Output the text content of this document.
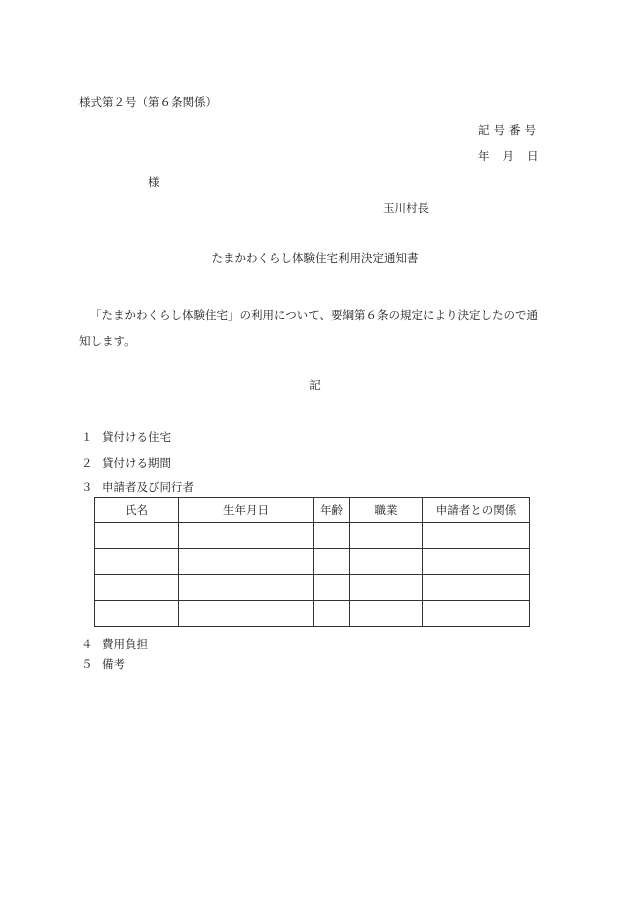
様式第２号（第６条関係）
記号番号
年 月 日
様
玉川村長
たまかわくらし体験住宅利用決定通知書

「たまかわくらし体験住宅」の利用について、要綱第６条の規定により決定したので通知します。

記
１ 貸付ける住宅
２ 貸付ける期間
３ 申請者及び同行者
氏名	生年月日	年齢	職業	申請者との関係

４ 費用負担
５ 備考
